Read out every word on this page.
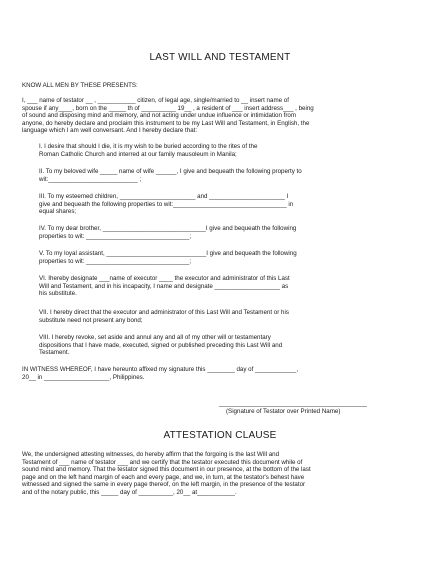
LAST WILL AND TESTAMENT
KNOW ALL MEN BY THESE PRESENTS:
I, ___ name of testator __ , ___________ citizen, of legal age, single/married to __ insert name of
spouse if any____, born on the _____ th of __________ 19__ , a resident of ___ insert address___ , being
of sound and disposing mind and memory, and not acting under undue influence or intimidation from
anyone, do hereby declare and proclaim this instrument to be my Last Will and Testament, in English, the
language which I am well conversant. And I hereby declare that:
I. I desire that should I die, it is my wish to be buried according to the rites of the
Roman Catholic Church and interred at our family mausoleum in Manila;
II. To my beloved wife _____ name of wife ______, I give and bequeath the following property to
wit:__________________________ ;
III. To my esteemed children, ______________________ and ______________________ I
give and bequeath the following properties to wit:_________________________________ in
equal shares;
IV. To my dear brother, ______________________________I give and bequeath the following
properties to wit: ______________________________;
V. To my loyal assistant, _____________________________I give and bequeath the following
properties to wit: ______________________________;
VI. Ihereby designate ___name of executor ____ the executor and administrator of this Last
Will and Testament, and in his incapacity, I name and designate ___________________ as
his substitute.
VII. I hereby direct that the executor and administrator of this Last Will and Testament or his
substitute need not present any bond;
VIII. I hereby revoke, set aside and annul any and all of my other will or testamentary
dispositions that I have made, executed, signed or published preceding this Last Will and
Testament.
IN WITNESS WHEREOF, I have hereunto affixed my signature this ________ day of ____________,
20__ in ___________________, Philippines.
___________________________________________
(Signature of Testator over Printed Name)
ATTESTATION CLAUSE
We, the undersigned attesting witnesses, do hereby affirm that the forgoing is the last Will and
Testament of ___ name of testator ___ and we certify that the testator executed this document while of
sound mind and memory. That the testator signed this document in our presence, at the bottom of the last
page and on the left hand margin of each and every page, and we, in turn, at the testator's behest have
witnessed and signed the same in every page thereof, on the left margin, in the presence of the testator
and of the notary public, this _____ day of __________, 20__ at___________.
